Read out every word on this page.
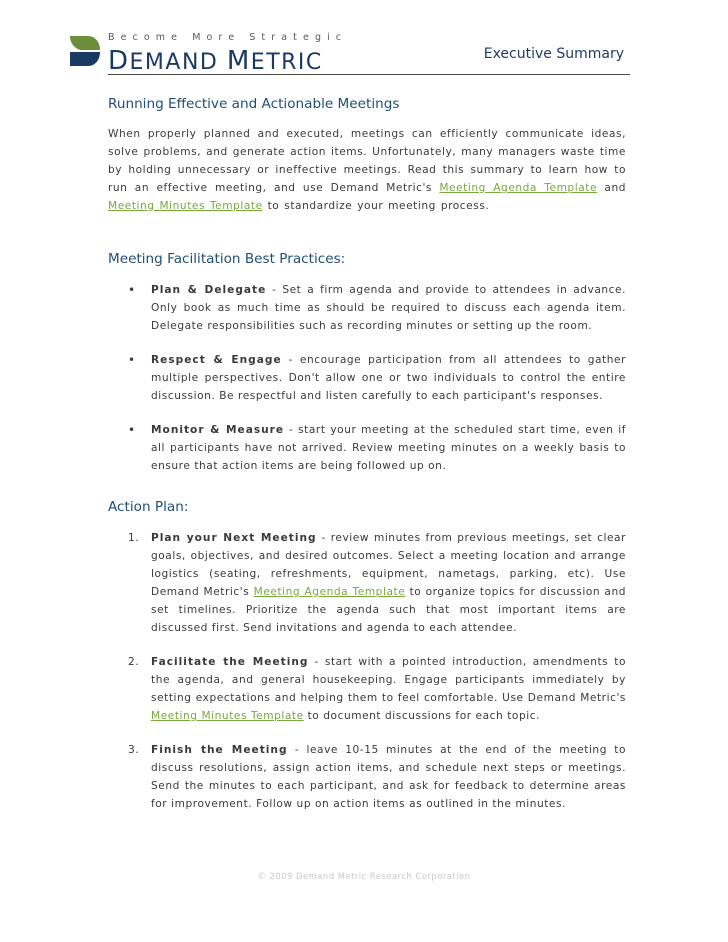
Become More Strategic
DEMAND METRIC	Executive Summary
Running Effective and Actionable Meetings

When properly planned and executed, meetings can efficiently communicate ideas, solve problems, and generate action items. Unfortunately, many managers waste time by holding unnecessary or ineffective meetings. Read this summary to learn how to run an effective meeting, and use Demand Metric's Meeting Agenda Template and Meeting Minutes Template to standardize your meeting process.

Meeting Facilitation Best Practices:
• Plan & Delegate - Set a firm agenda and provide to attendees in advance. Only book as much time as should be required to discuss each agenda item. Delegate responsibilities such as recording minutes or setting up the room.
• Respect & Engage - encourage participation from all attendees to gather multiple perspectives. Don't allow one or two individuals to control the entire discussion. Be respectful and listen carefully to each participant's responses.
• Monitor & Measure - start your meeting at the scheduled start time, even if all participants have not arrived. Review meeting minutes on a weekly basis to ensure that action items are being followed up on.
Action Plan:
1. Plan your Next Meeting - review minutes from previous meetings, set clear goals, objectives, and desired outcomes. Select a meeting location and arrange logistics (seating, refreshments, equipment, nametags, parking, etc). Use Demand Metric's Meeting Agenda Template to organize topics for discussion and set timelines. Prioritize the agenda such that most important items are discussed first. Send invitations and agenda to each attendee.
2. Facilitate the Meeting - start with a pointed introduction, amendments to the agenda, and general housekeeping. Engage participants immediately by setting expectations and helping them to feel comfortable. Use Demand Metric's Meeting Minutes Template to document discussions for each topic.
3. Finish the Meeting - leave 10-15 minutes at the end of the meeting to discuss resolutions, assign action items, and schedule next steps or meetings. Send the minutes to each participant, and ask for feedback to determine areas for improvement. Follow up on action items as outlined in the minutes.
© 2009 Demand Metric Research Corporation
